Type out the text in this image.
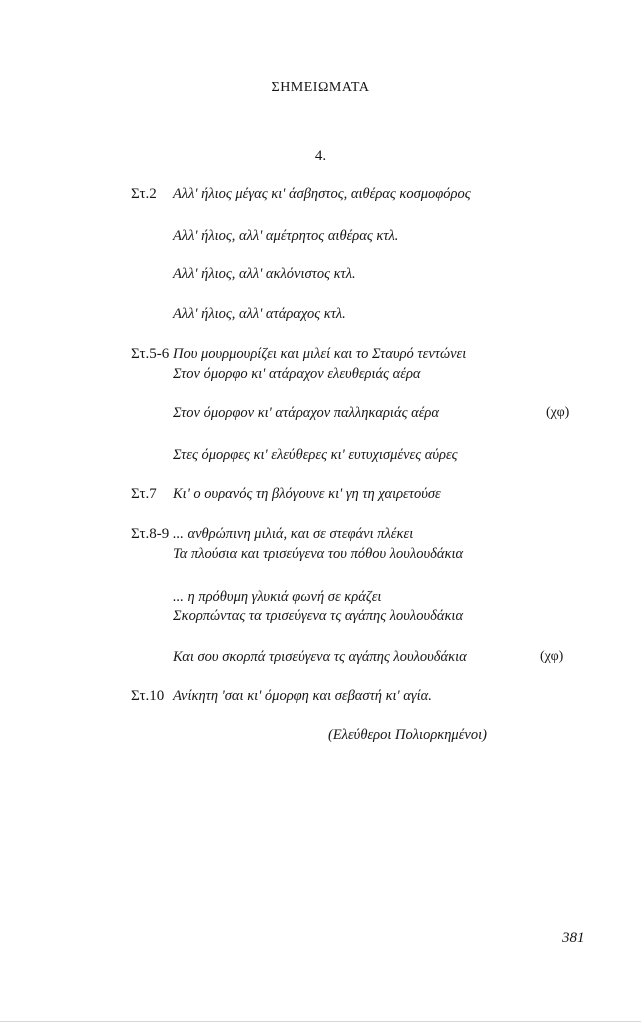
ΣΗΜΕΙΩΜΑΤΑ
4.
Στ.2 Αλλ' ήλιος μέγας κι' άσβηστος, αιθέρας κοσμοφόρος
Αλλ' ήλιος, αλλ' αμέτρητος αιθέρας κτλ.
Αλλ' ήλιος, αλλ' ακλόνιστος κτλ.
Αλλ' ήλιος, αλλ' ατάραχος κτλ.
Στ.5-6 Που μουρμουρίζει και μιλεί και το Σταυρό τεντώνει
Στον όμορφο κι' ατάραχον ελευθεριάς αέρα
Στον όμορφον κι' ατάραχον παλληκαριάς αέρα	(χφ)
Στες όμορφες κι' ελεύθερες κι' ευτυχισμένες αύρες
Στ.7 Κι' ο ουρανός τη βλόγουνε κι' γη τη χαιρετούσε
Στ.8-9 ... ανθρώπινη μιλιά, και σε στεφάνι πλέκει
Τα πλούσια και τρισεύγενα του πόθου λουλουδάκια
... η πρόθυμη γλυκιά φωνή σε κράζει
Σκορπώντας τα τρισεύγενα τς αγάπης λουλουδάκια
Και σου σκορπά τρισεύγενα τς αγάπης λουλουδάκια	(χφ)
Στ.10 Ανίκητη 'σαι κι' όμορφη και σεβαστή κι' αγία.
(Ελεύθεροι Πολιορκημένοι)
381
